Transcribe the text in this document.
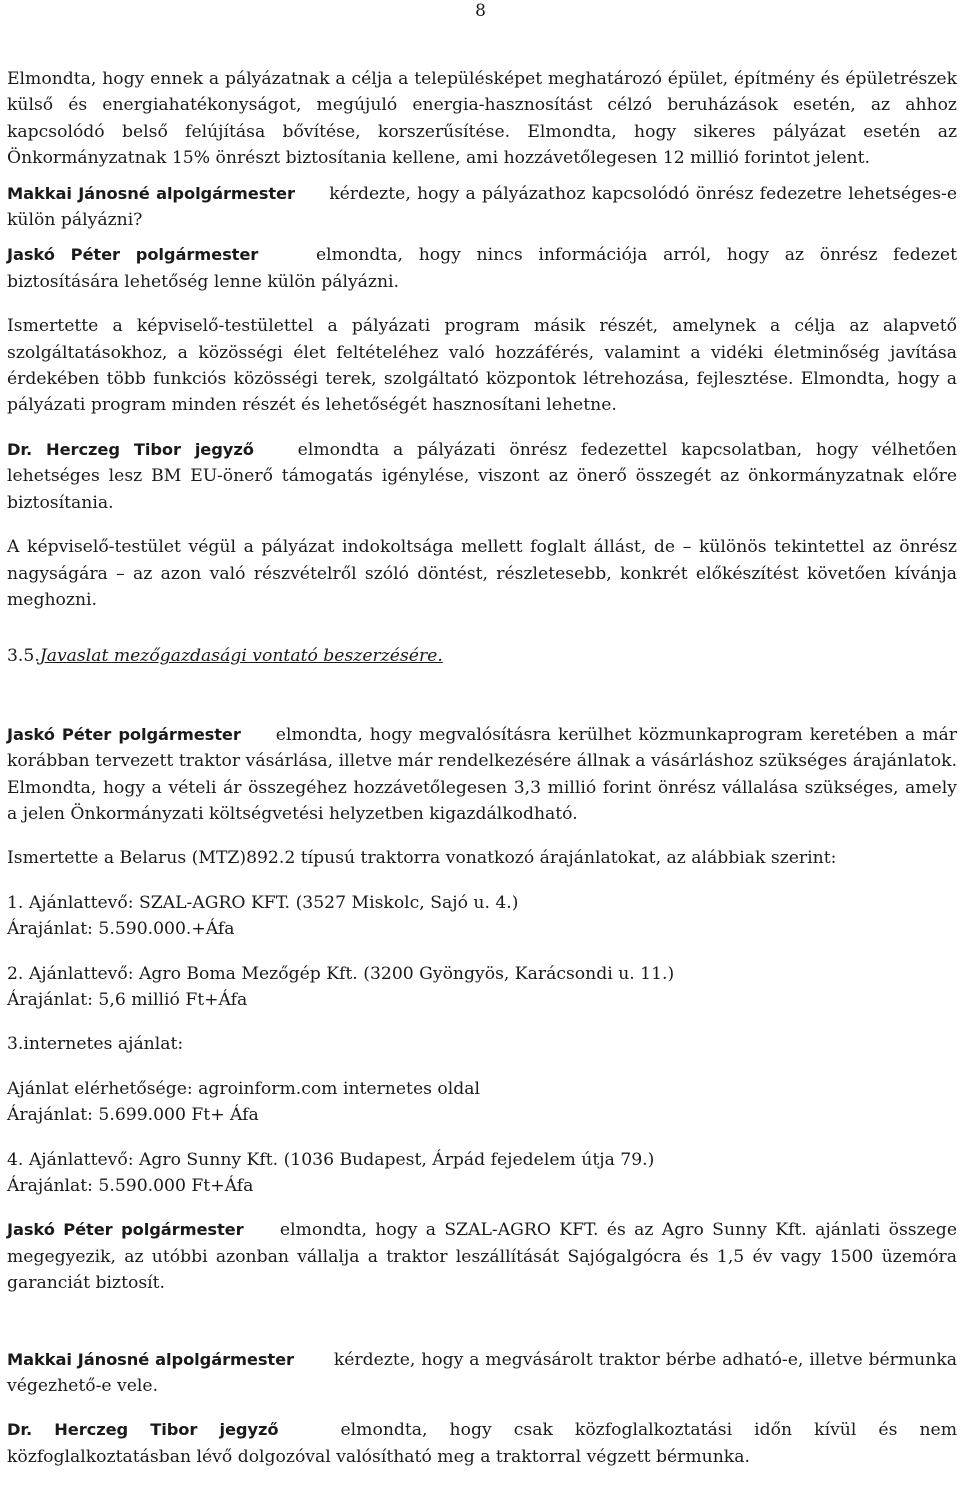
8

Elmondta, hogy ennek a pályázatnak a célja a településképet meghatározó épület, építmény és épületrészek külső és energiahatékonyságot, megújuló energia-hasznosítást célzó beruházások esetén, az ahhoz kapcsolódó belső felújítása bővítése, korszerűsítése. Elmondta, hogy sikeres pályázat esetén az Önkormányzatnak 15% önrészt biztosítania kellene, ami hozzávetőlegesen 12 millió forintot jelent.

Makkai Jánosné alpolgármester kérdezte, hogy a pályázathoz kapcsolódó önrész fedezetre lehetséges-e külön pályázni?

Jaskó Péter polgármester	elmondta, hogy nincs információja arról, hogy az önrész fedezet biztosítására lehetőség lenne külön pályázni.

Ismertette a képviselő-testülettel a pályázati program másik részét, amelynek a célja az alapvető szolgáltatásokhoz, a közösségi élet feltételéhez való hozzáférés, valamint a vidéki életminőség javítása érdekében több funkciós közösségi terek, szolgáltató központok létrehozása, fejlesztése. Elmondta, hogy a pályázati program minden részét és lehetőségét hasznosítani lehetne.

Dr. Herczeg Tibor jegyző	elmondta a pályázati önrész fedezettel kapcsolatban, hogy vélhetően lehetséges lesz BM EU-önerő támogatás igénylése, viszont az önerő összegét az önkormányzatnak előre biztosítania.

A képviselő-testület végül a pályázat indokoltsága mellett foglalt állást, de – különös tekintettel az önrész nagyságára – az azon való részvételről szóló döntést, részletesebb, konkrét előkészítést követően kívánja meghozni.

3.5.Javaslat mezőgazdasági vontató beszerzésére.

Jaskó Péter polgármester elmondta, hogy megvalósításra kerülhet közmunkaprogram keretében a már korábban tervezett traktor vásárlása, illetve már rendelkezésére állnak a vásárláshoz szükséges árajánlatok. Elmondta, hogy a vételi ár összegéhez hozzávetőlegesen 3,3 millió forint önrész vállalása szükséges, amely a jelen Önkormányzati költségvetési helyzetben kigazdálkodható.

Ismertette a Belarus (MTZ)892.2 típusú traktorra vonatkozó árajánlatokat, az alábbiak szerint:

1. Ajánlattevő: SZAL-AGRO KFT. (3527 Miskolc, Sajó u. 4.)

Árajánlat: 5.590.000.+Áfa

2. Ajánlattevő: Agro Boma Mezőgép Kft. (3200 Gyöngyös, Karácsondi u. 11.)

Árajánlat: 5,6 millió Ft+Áfa

3.internetes ajánlat:

Ajánlat elérhetősége: agroinform.com internetes oldal

Árajánlat: 5.699.000 Ft+ Áfa

4. Ajánlattevő: Agro Sunny Kft. (1036 Budapest, Árpád fejedelem útja 79.)

Árajánlat: 5.590.000 Ft+Áfa

Jaskó Péter polgármester elmondta, hogy a SZAL-AGRO KFT. és az Agro Sunny Kft. ajánlati összege megegyezik, az utóbbi azonban vállalja a traktor leszállítását Sajógalgócra és 1,5 év vagy 1500 üzemóra garanciát biztosít.

Makkai Jánosné alpolgármester kérdezte, hogy a megvásárolt traktor bérbe adható-e, illetve bérmunka végezhető-e vele.

Dr. Herczeg Tibor jegyző	elmondta, hogy csak közfoglalkoztatási időn kívül és nem közfoglalkoztatásban lévő dolgozóval valósítható meg a traktorral végzett bérmunka.
